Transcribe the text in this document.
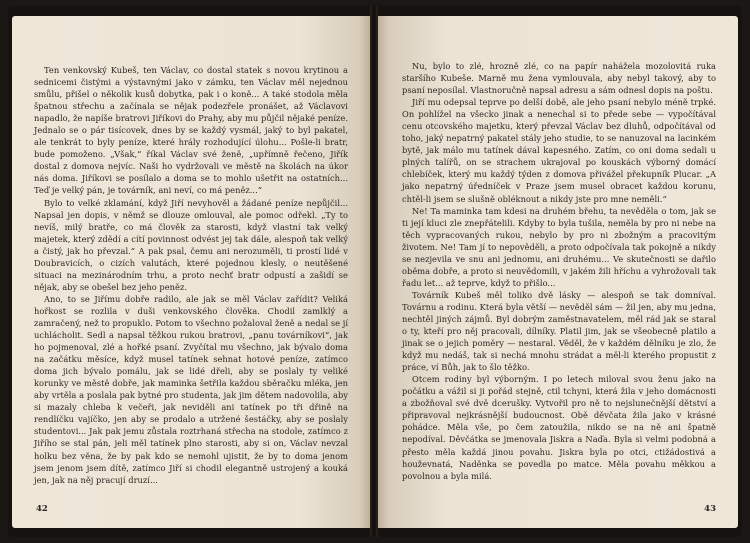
Ten venkovský Kubeš, ten Václav, co dostal statek s novou krytinou a sednicemi čistými a výstavnými jako v zámku, ten Václav měl nejednou smůlu, přišel o několik kusů dobytka, pak i o koně... A také stodola měla špatnou střechu a začínala se nějak podezřele pronášet, až Václavovi napadlo, že napíše bratrovi Jiříkovi do Prahy, aby mu půjčil nějaké peníze. Jednalo se o pár tisícovek, dnes by se každý vysmál, jaký to byl pakatel, ale tenkrát to byly peníze, které hrály rozhodující úlohu... Pošle-li bratr, bude pomoženo. „Však,“ říkal Václav své ženě, „upřímně řečeno, Jiřík dostal z domova nejvíc. Naši ho vydržovali ve městě na školách na úkor nás doma. Jiříkovi se posílalo a doma se to mohlo ušetřit na ostatních... Teď je velký pán, je továrník, ani neví, co má peněz...“

Bylo to velké zklamání, když Jiří nevyhověl a žádané peníze nepůjčil... Napsal jen dopis, v němž se dlouze omlouval, ale pomoc odřekl. „Ty to nevíš, milý bratře, co má člověk za starosti, když vlastní tak velký majetek, který zdědí a cítí povinnost odvést jej tak dále, alespoň tak velký a čistý, jak ho převzal.“ A pak psal, čemu ani nerozuměli, ti prostí lidé v Doubravicích, o cizích valutách, které pojednou klesly, o neutěšené situaci na mezinárodním trhu, a proto nechť bratr odpustí a zašidí se nějak, aby se obešel bez jeho peněz.

Ano, to se Jiřímu dobře radilo, ale jak se měl Václav zařídit? Veliká hořkost se rozlila v duši venkovského člověka. Chodil zamlklý a zamračený, než to propuklo. Potom to všechno požaloval ženě a nedal se jí uchlácholit. Sedl a napsal těžkou rukou bratrovi, „panu továrníkovi“, jak ho pojmenoval, zlé a hořké psaní. Zvyčítal mu všechno, jak bývalo doma na začátku měsíce, když musel tatínek sehnat hotové peníze, zatímco doma jich bývalo pomálu, jak se lidé dřeli, aby se poslaly ty veliké korunky ve městě dobře, jak maminka šetřila každou sběračku mléka, jen aby vrtěla a poslala pak bytné pro studenta, jak jim dětem nadovolila, aby si mazaly chleba k večeři, jak neviděli ani tatínek po tři dřině na rendlíčku vajíčko, jen aby se prodalo a utržené šestáčky, aby se poslaly studentovi... Jak pak jemu zůstala roztrhaná střecha na stodole, zatímco z Jiřího se stal pán, jeli měl tatínek plno starosti, aby si on, Václav nevzal holku bez věna, že by pak kdo se nemohl ujistit, že by to doma jenom jsem jenom jsem dítě, zatímco Jiří si chodil elegantně ustrojený a kouká jen, jak na něj pracují druzí...

42

Nu, bylo to zlé, hrozně zlé, co na papír nahážela mozolovitá ruka staršího Kubeše. Marně mu žena vymlouvala, aby nebyl takový, aby to psaní neposílal. Vlastnoručně napsal adresu a sám odnesl dopis na poštu.

Jiří mu odepsal teprve po delší době, ale jeho psaní nebylo méně trpké. On pohlížel na všecko jinak a nenechal si to přede sebe — vypočítával cenu otcovského majetku, který převzal Václav bez dluhů, odpočítával od toho, jaký nepatrný pakatel stály jeho studie, to se nanuzoval na lacinkém bytě, jak málo mu tatínek dával kapesného. Zatím, co oni doma sedali u plných talířů, on se strachem ukrajoval po kouskách výborný domácí chlebíček, který mu každý týden z domova přivážel překupník Plucar. „A jako nepatrný úředníček v Praze jsem musel obracet každou korunu, chtěl-li jsem se slušně obléknout a nikdy jste pro mne neměli.“

Ne! Ta maminka tam kdesi na druhém břehu, ta nevěděla o tom, jak se ti její kluci zle znepřátelili. Kdyby to byla tušila, neměla by pro ni nebe na těch vypracovaných rukou, nebylo by pro ni zbožným a pracovitým životem. Ne! Tam jí to nepověděli, a proto odpočívala tak pokojně a nikdy se nezjevila ve snu ani jednomu, ani druhému... Ve skutečnosti se dařilo oběma dobře, a proto si neuvědomili, v jakém žili hříchu a vyhrožovali tak řadu let... až teprve, když to přišlo...

Továrník Kubeš měl toliko dvě lásky — alespoň se tak domníval. Továrnu a rodinu. Která byla větší — nevěděl sám — žil jen, aby mu jedna, nechtěl jiných zájmů. Byl dobrým zaměstnavatelem, měl rád jak se staral o ty, kteří pro něj pracovali, dílníky. Platil jim, jak se všeobecně platilo a jinak se o jejich poměry — nestaral. Věděl, že v každém dělníku je zlo, že když mu nedáš, tak si nechá mnohu strádat a měl-li kterého propustit z práce, ví Bůh, jak to šlo těžko.

Otcem rodiny byl výborným. I po letech miloval svou ženu jako na počátku a vážil si ji pořád stejně, ctil tchyni, která žila v jeho domácnosti a zbožňoval své dvě dcerušky. Vytvořil pro ně to nejslunečnější dětství a připravoval nejkrásnější budoucnost. Obě děvčata žila jako v krásné pohádce. Měla vše, po čem zatoužila, nikdo se na ně ani špatně nepodíval. Děvčátka se jmenovala Jiskra a Naďa. Byla si velmi podobná a přesto měla každá jinou povahu. Jiskra byla po otci, ctižádostivá a houževnatá, Naděnka se povedla po matce. Měla povahu měkkou a povolnou a byla milá.

43
